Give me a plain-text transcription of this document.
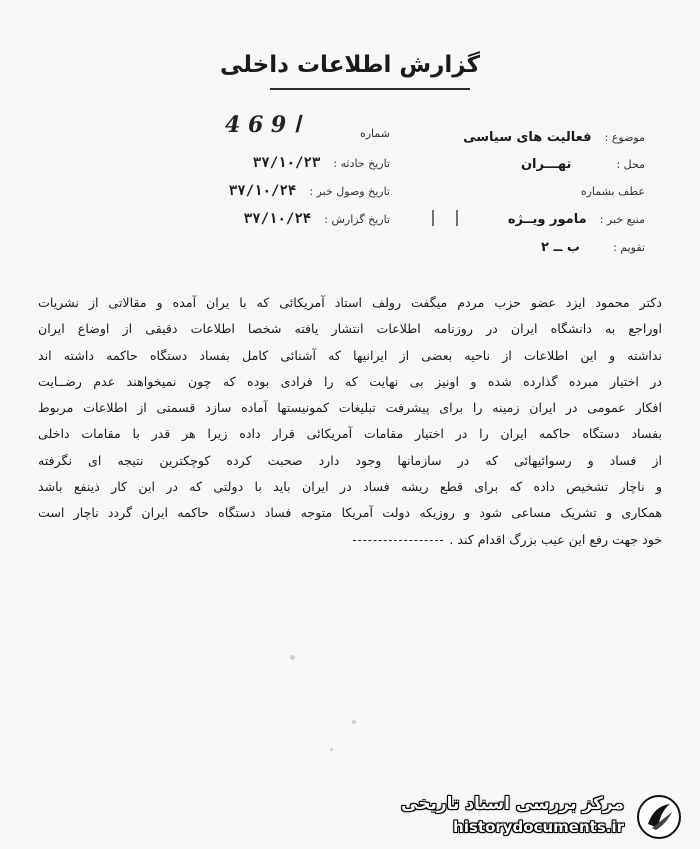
گزارش اطلاعات داخلی
موضوع : فعالیت های سیاسی
محل : تهـــران
عطف بشماره
منبع خبر : مامور ویــژه
تقویم : ب ــ ۲
شماره
4 6 9 ا
تاریخ حادثه : ۳۷/۱۰/۲۳
تاریخ وصول خبر : ۳۷/۱۰/۲۴
تاریخ گزارش : ۳۷/۱۰/۲۴
دکتر محمود ایزد عضو حزب مردم میگفت رولف استاد آمریکائی که با یران آمده و مقالاتی از نشریات
اوراجع به دانشگاه ایران در روزنامه اطلاعات انتشار یافته شخصا اطلاعات دقیقی از اوضاع ایران
نداشته و این اطلاعات از ناحیه بعضی از ایرانیها که آشنائی کامل بفساد دستگاه حاکمه داشته اند
در اختیار مبرده گذارده شده و اونیز بی نهایت که را فرادی بوده که چون نمیخواهند عدم رضــایت
افکار عمومی در ایران زمینه را برای پیشرفت تبلیغات کمونیستها آماده سازد قسمتی از اطلاعات مربوط
بفساد دستگاه حاکمه ایران را در اختیار مقامات آمریکائی قرار داده زیرا هر قدر با مقامات داخلی
از فساد و رسوائیهائی که در سازمانها وجود دارد صحبت کرده کوچکترین نتیجه ای نگرفته
و ناچار تشخیص داده که برای قطع ریشه فساد در ایران باید با دولتی که در این کار ذینفع باشد
همکاری و تشریک مساعی شود و روزیکه دولت آمریکا متوجه فساد دستگاه حاکمه ایران گردد ناچار است
خود جهت رفع این عیب بزرگ اقدام کند .
مرکز بررسی اسناد تاریخی
historydocuments.ir
